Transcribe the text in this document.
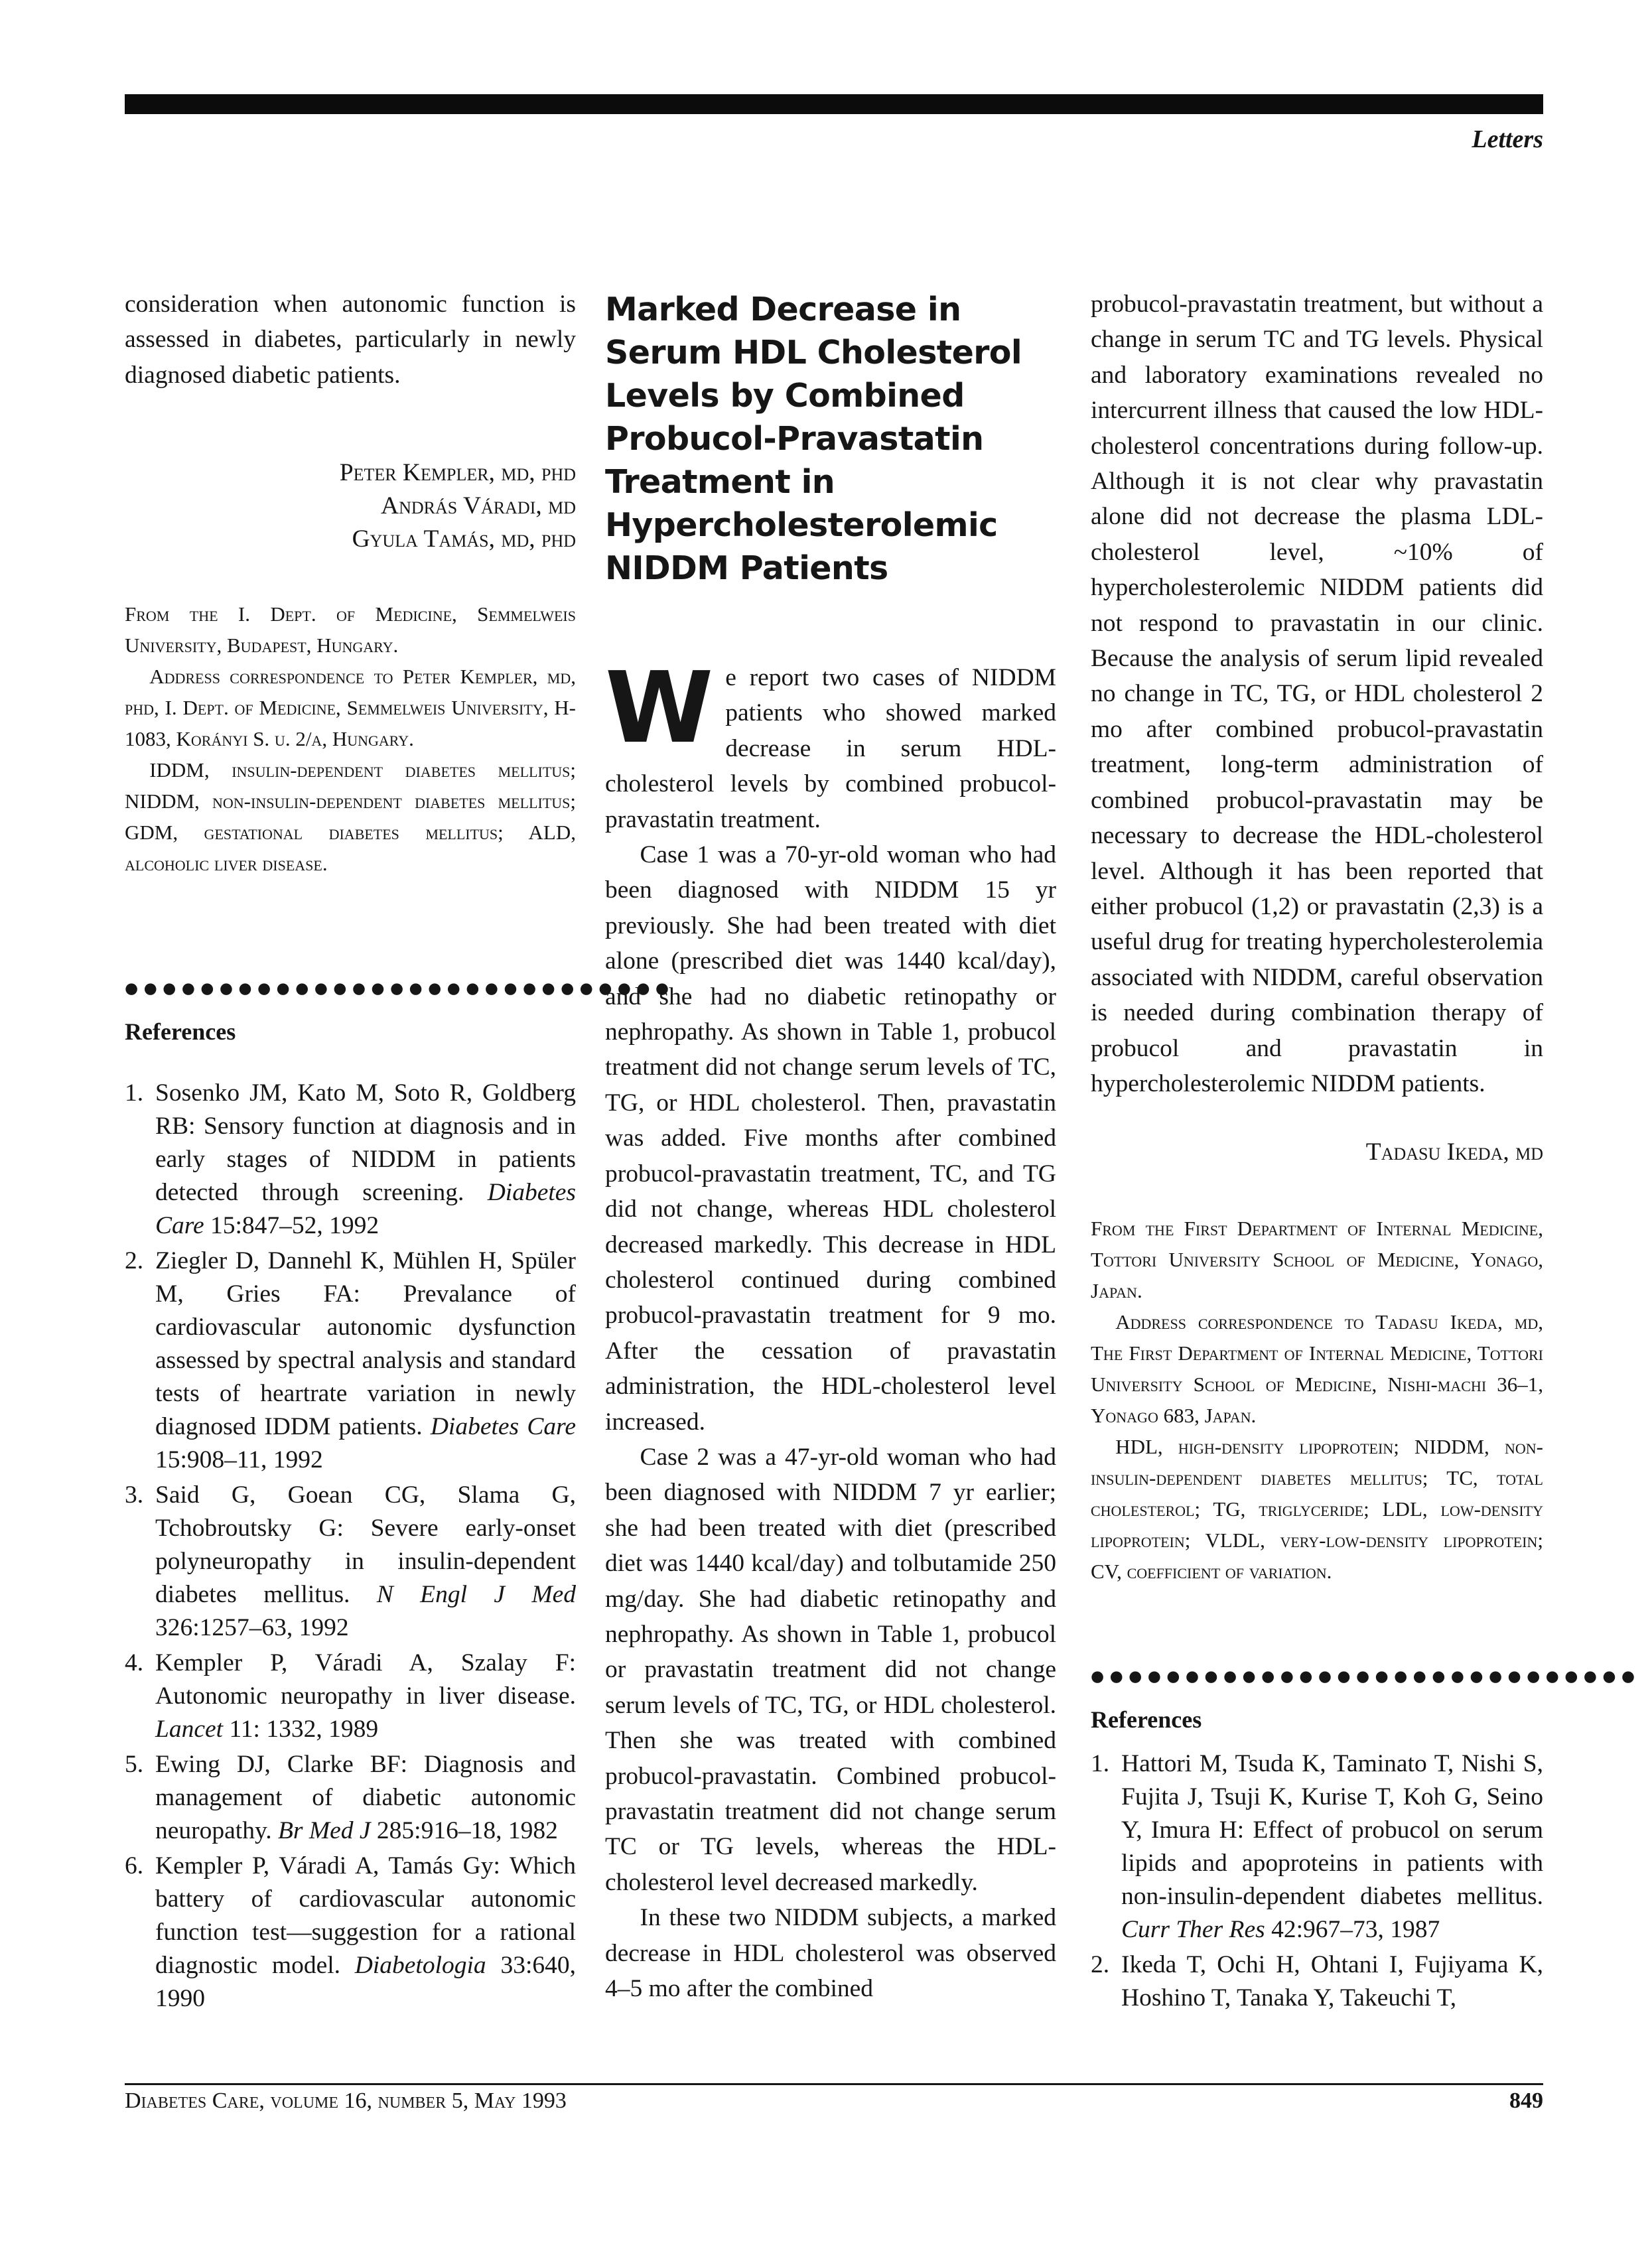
Letters

consideration when autonomic function is assessed in diabetes, particularly in newly diagnosed diabetic patients.

Peter Kempler, md, phd
András Váradi, md
Gyula Tamás, md, phd

From the I. Dept. of Medicine, Semmelweis University, Budapest, Hungary.

Address correspondence to Peter Kempler, md, phd, I. Dept. of Medicine, Semmelweis University, H-1083, Korányi S. u. 2/a, Hungary.

IDDM, insulin-dependent diabetes mellitus; NIDDM, non-insulin-dependent diabetes mellitus; GDM, gestational diabetes mellitus; ALD, alcoholic liver disease.

●●●●●●●●●●●●●●●●●●●●●●●●●●●●●
References
1. Sosenko JM, Kato M, Soto R, Goldberg RB: Sensory function at diagnosis and in early stages of NIDDM in patients detected through screening. Diabetes Care 15:847–52, 1992
2. Ziegler D, Dannehl K, Mühlen H, Spüler M, Gries FA: Prevalance of cardiovascular autonomic dysfunction assessed by spectral analysis and standard tests of heartrate variation in newly diagnosed IDDM patients. Diabetes Care 15:908–11, 1992
3. Said G, Goean CG, Slama G, Tchobroutsky G: Severe early-onset polyneuropathy in insulin-dependent diabetes mellitus. N Engl J Med 326:1257–63, 1992
4. Kempler P, Váradi A, Szalay F: Autonomic neuropathy in liver disease. Lancet 11: 1332, 1989
5. Ewing DJ, Clarke BF: Diagnosis and management of diabetic autonomic neuropathy. Br Med J 285:916–18, 1982
6. Kempler P, Váradi A, Tamás Gy: Which battery of cardiovascular autonomic function test—suggestion for a rational diagnostic model. Diabetologia 33:640, 1990
Marked Decrease in Serum HDL Cholesterol Levels by Combined Probucol-Pravastatin Treatment in Hypercholesterolemic NIDDM Patients

We report two cases of NIDDM patients who showed marked decrease in serum HDL-cholesterol levels by combined probucol-pravastatin treatment.

Case 1 was a 70-yr-old woman who had been diagnosed with NIDDM 15 yr previously. She had been treated with diet alone (prescribed diet was 1440 kcal/day), and she had no diabetic retinopathy or nephropathy. As shown in Table 1, probucol treatment did not change serum levels of TC, TG, or HDL cholesterol. Then, pravastatin was added. Five months after combined probucol-pravastatin treatment, TC, and TG did not change, whereas HDL cholesterol decreased markedly. This decrease in HDL cholesterol continued during combined probucol-pravastatin treatment for 9 mo. After the cessation of pravastatin administration, the HDL-cholesterol level increased.

Case 2 was a 47-yr-old woman who had been diagnosed with NIDDM 7 yr earlier; she had been treated with diet (prescribed diet was 1440 kcal/day) and tolbutamide 250 mg/day. She had diabetic retinopathy and nephropathy. As shown in Table 1, probucol or pravastatin treatment did not change serum levels of TC, TG, or HDL cholesterol. Then she was treated with combined probucol-pravastatin. Combined probucol-pravastatin treatment did not change serum TC or TG levels, whereas the HDL-cholesterol level decreased markedly.

In these two NIDDM subjects, a marked decrease in HDL cholesterol was observed 4–5 mo after the combined

probucol-pravastatin treatment, but without a change in serum TC and TG levels. Physical and laboratory examinations revealed no intercurrent illness that caused the low HDL-cholesterol concentrations during follow-up. Although it is not clear why pravastatin alone did not decrease the plasma LDL-cholesterol level, ~10% of hypercholesterolemic NIDDM patients did not respond to pravastatin in our clinic. Because the analysis of serum lipid revealed no change in TC, TG, or HDL cholesterol 2 mo after combined probucol-pravastatin treatment, long-term administration of combined probucol-pravastatin may be necessary to decrease the HDL-cholesterol level. Although it has been reported that either probucol (1,2) or pravastatin (2,3) is a useful drug for treating hypercholesterolemia associated with NIDDM, careful observation is needed during combination therapy of probucol and pravastatin in hypercholesterolemic NIDDM patients.

Tadasu Ikeda, md

From the First Department of Internal Medicine, Tottori University School of Medicine, Yonago, Japan.

Address correspondence to Tadasu Ikeda, md, The First Department of Internal Medicine, Tottori University School of Medicine, Nishi-machi 36–1, Yonago 683, Japan.

HDL, high-density lipoprotein; NIDDM, non-insulin-dependent diabetes mellitus; TC, total cholesterol; TG, triglyceride; LDL, low-density lipoprotein; VLDL, very-low-density lipoprotein; CV, coefficient of variation.

●●●●●●●●●●●●●●●●●●●●●●●●●●●●●
References
1. Hattori M, Tsuda K, Taminato T, Nishi S, Fujita J, Tsuji K, Kurise T, Koh G, Seino Y, Imura H: Effect of probucol on serum lipids and apoproteins in patients with non-insulin-dependent diabetes mellitus. Curr Ther Res 42:967–73, 1987
2. Ikeda T, Ochi H, Ohtani I, Fujiyama K, Hoshino T, Tanaka Y, Takeuchi T,
Diabetes Care, volume 16, number 5, May 1993	849
